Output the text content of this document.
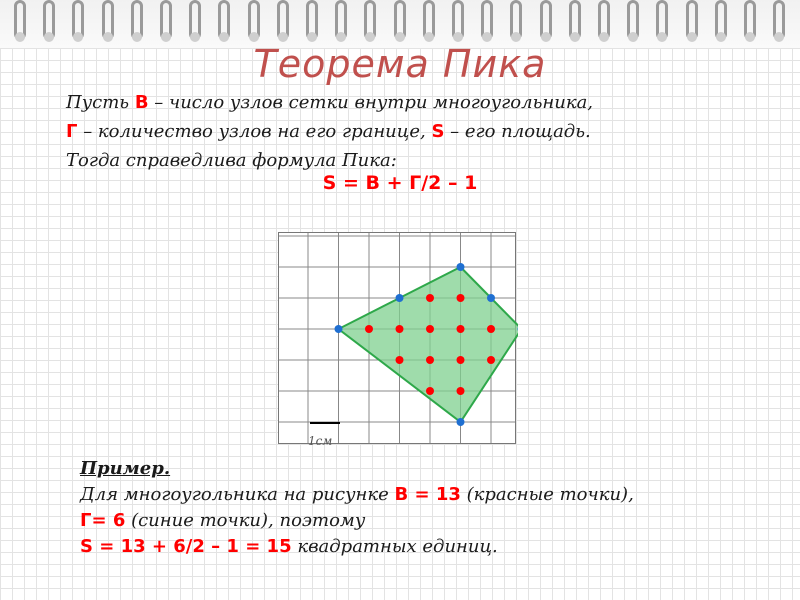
Теорема Пика
Пусть В – число узлов сетки внутри многоугольника,
Г – количество узлов на его границе, S – его площадь.
Тогда справедлива формула Пика:
S = В + Г/2 – 1
1см
Пример.
Для многоугольника на рисунке В = 13 (красные точки),
Г= 6 (синие точки), поэтому
S = 13 + 6/2 – 1 = 15 квадратных единиц.
